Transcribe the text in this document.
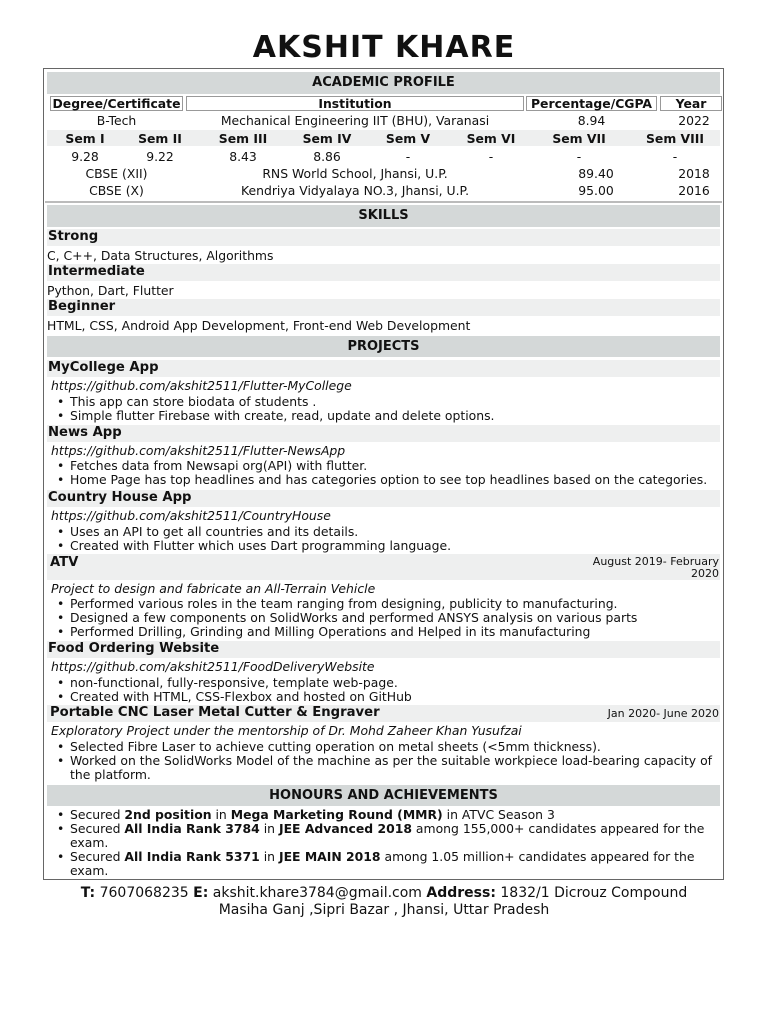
AKSHIT KHARE
ACADEMIC PROFILE
Degree/Certificate	Institution	Percentage/CGPA	Year
B-Tech	Mechanical Engineering IIT (BHU), Varanasi	8.94	2022
Sem I	Sem II	Sem III	Sem IV	Sem V	Sem VI	Sem VII	Sem VIII
9.28	9.22	8.43	8.86	-	-	-	-
CBSE (XII)	RNS World School, Jhansi, U.P.	89.40	2018
CBSE (X)	Kendriya Vidyalaya NO.3, Jhansi, U.P.	95.00	2016
SKILLS
Strong
C, C++, Data Structures, Algorithms
Intermediate
Python, Dart, Flutter
Beginner
HTML, CSS, Android App Development, Front-end Web Development
PROJECTS
MyCollege App
https://github.com/akshit2511/Flutter-MyCollege
• This app can store biodata of students .
• Simple flutter Firebase with create, read, update and delete options.
News App
https://github.com/akshit2511/Flutter-NewsApp
• Fetches data from Newsapi org(API) with flutter.
• Home Page has top headlines and has categories option to see top headlines based on the categories.
Country House App
https://github.com/akshit2511/CountryHouse
• Uses an API to get all countries and its details.
• Created with Flutter which uses Dart programming language.
ATV	August 2019- February
2020
Project to design and fabricate an All-Terrain Vehicle
• Performed various roles in the team ranging from designing, publicity to manufacturing.
• Designed a few components on SolidWorks and performed ANSYS analysis on various parts
• Performed Drilling, Grinding and Milling Operations and Helped in its manufacturing
Food Ordering Website
https://github.com/akshit2511/FoodDeliveryWebsite
• non-functional, fully-responsive, template web-page.
• Created with HTML, CSS-Flexbox and hosted on GitHub
Portable CNC Laser Metal Cutter & Engraver	Jan 2020- June 2020
Exploratory Project under the mentorship of Dr. Mohd Zaheer Khan Yusufzai
• Selected Fibre Laser to achieve cutting operation on metal sheets (<5mm thickness).
• Worked on the SolidWorks Model of the machine as per the suitable workpiece load-bearing capacity of the platform.
HONOURS AND ACHIEVEMENTS
• Secured 2nd position in Mega Marketing Round (MMR) in ATVC Season 3
• Secured All India Rank 3784 in JEE Advanced 2018 among 155,000+ candidates appeared for the exam.
• Secured All India Rank 5371 in JEE MAIN 2018 among 1.05 million+ candidates appeared for the exam.
T: 7607068235 E: akshit.khare3784@gmail.com Address: 1832/1 Dicrouz Compound
Masiha Ganj ,Sipri Bazar , Jhansi, Uttar Pradesh
